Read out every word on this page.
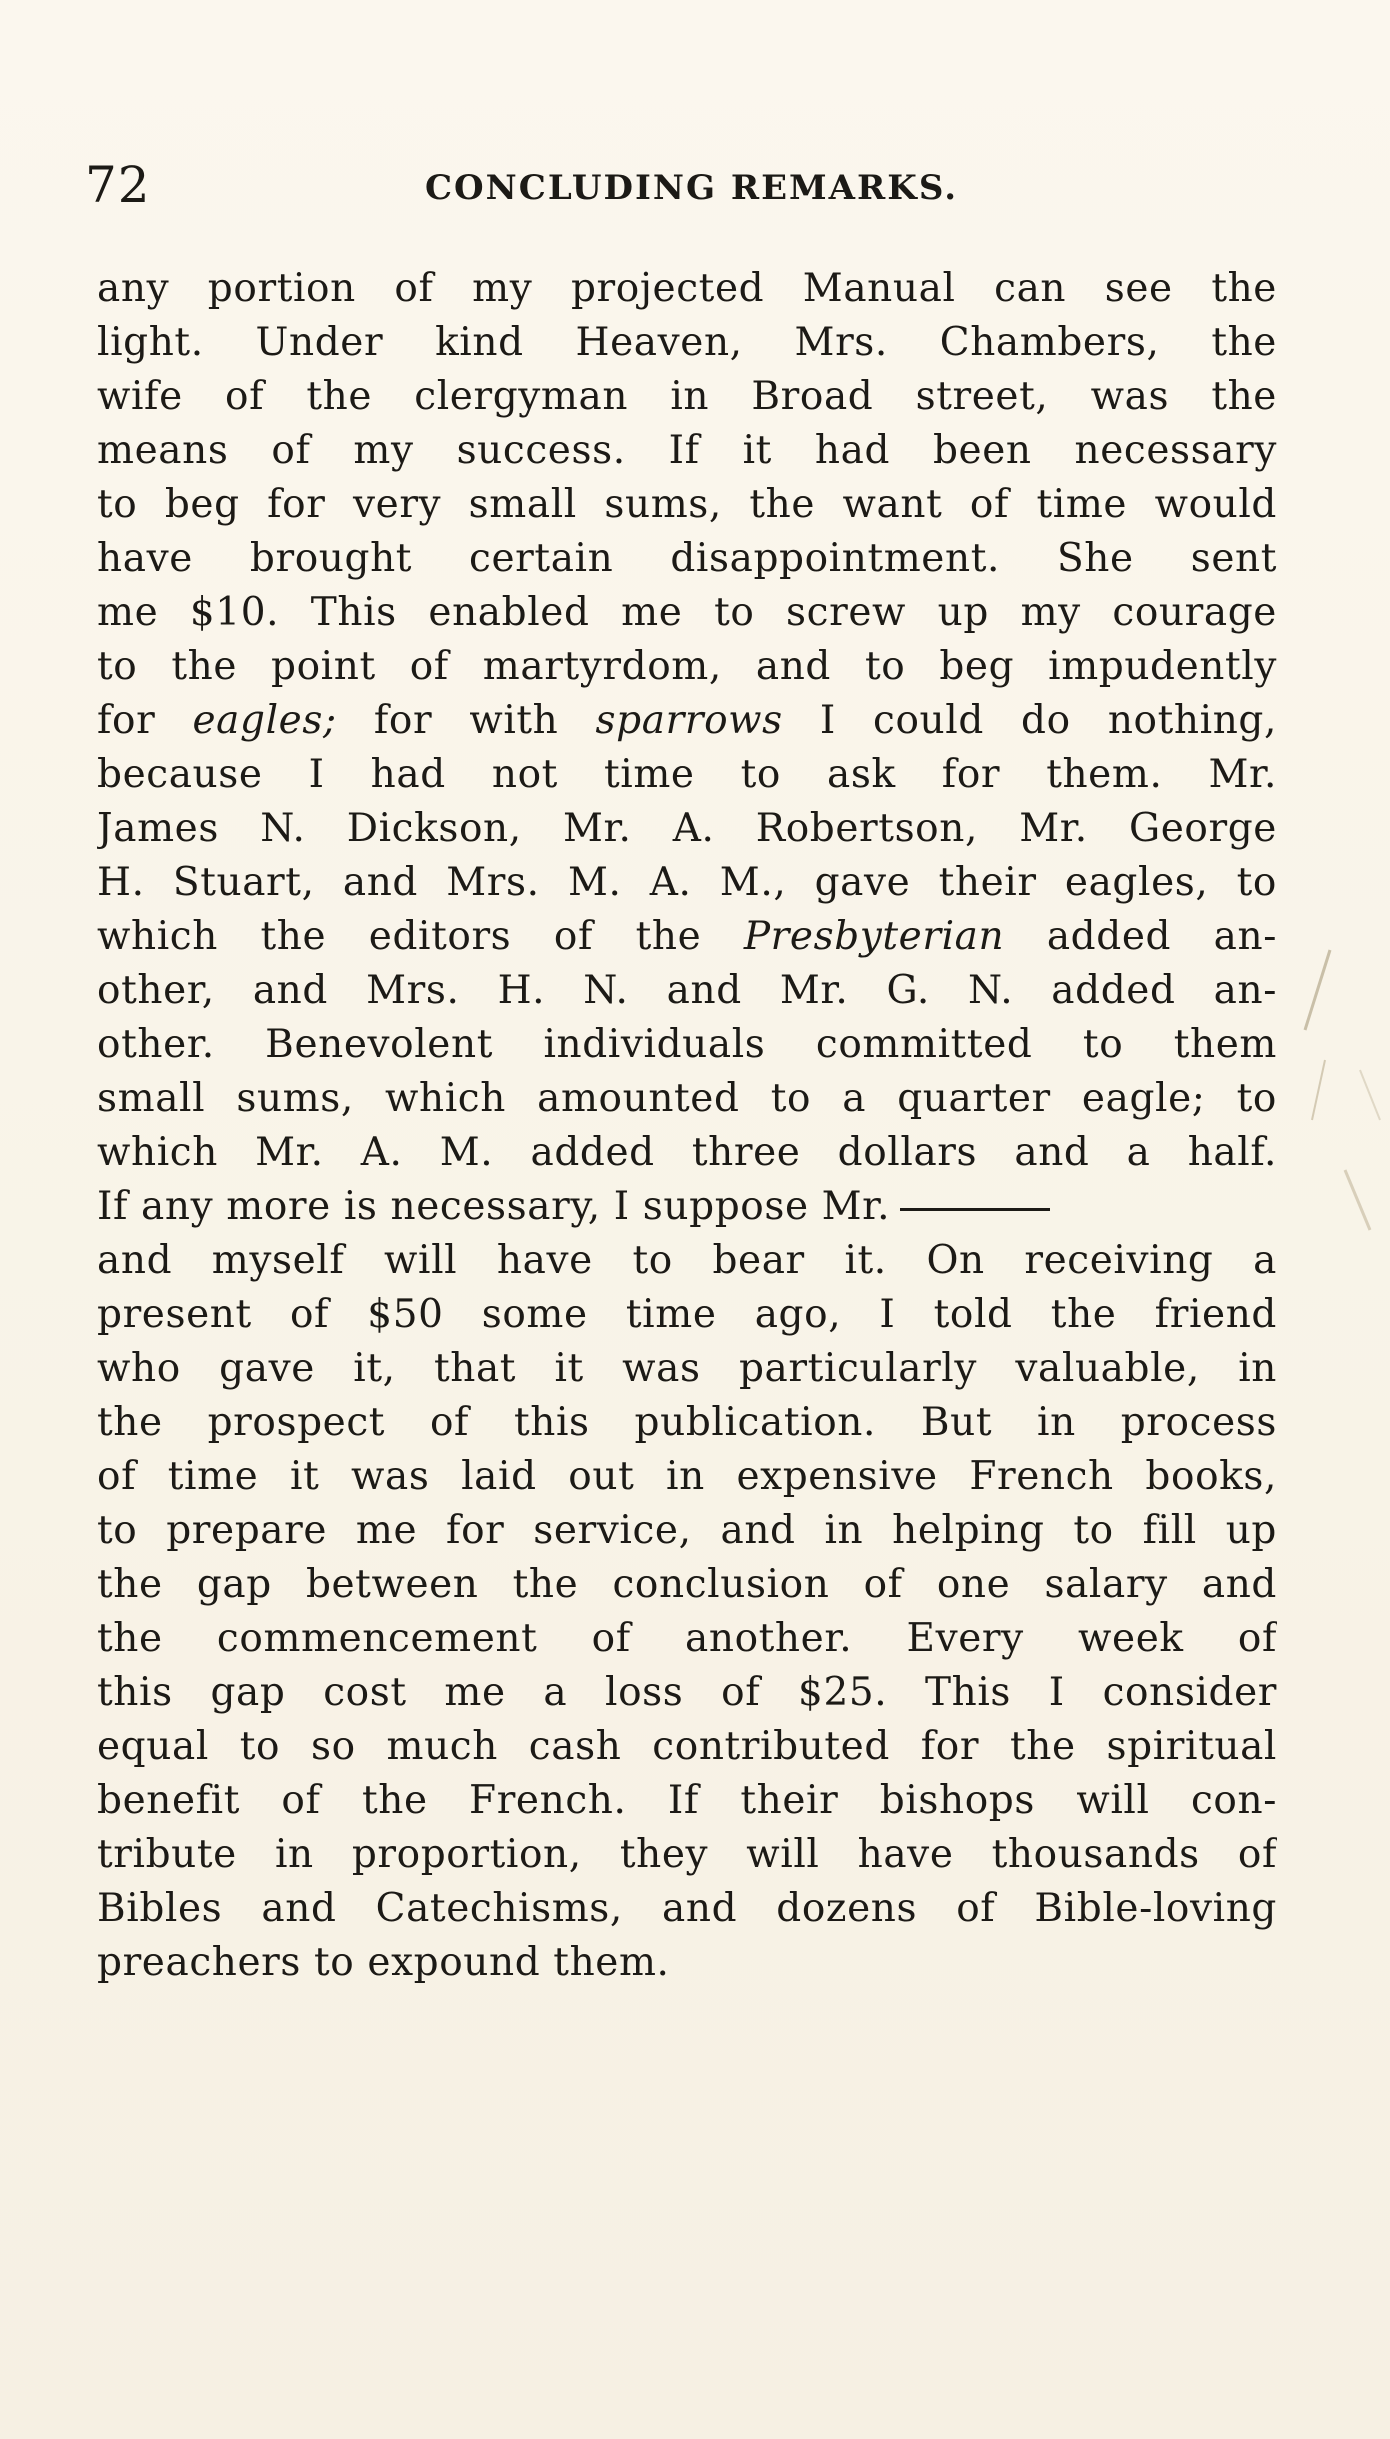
72	CONCLUDING REMARKS.
any portion of my projected Manual can see the
light. Under kind Heaven, Mrs. Chambers, the
wife of the clergyman in Broad street, was the
means of my success. If it had been necessary
to beg for very small sums, the want of time would
have brought certain disappointment. She sent
me $10. This enabled me to screw up my courage
to the point of martyrdom, and to beg impudently
for eagles; for with sparrows I could do nothing,
because I had not time to ask for them. Mr.
James N. Dickson, Mr. A. Robertson, Mr. George
H. Stuart, and Mrs. M. A. M., gave their eagles, to
which the editors of the Presbyterian added an-
other, and Mrs. H. N. and Mr. G. N. added an-
other. Benevolent individuals committed to them
small sums, which amounted to a quarter eagle; to
which Mr. A. M. added three dollars and a half.
If any more is necessary, I suppose Mr.
and myself will have to bear it. On receiving a
present of $50 some time ago, I told the friend
who gave it, that it was particularly valuable, in
the prospect of this publication. But in process
of time it was laid out in expensive French books,
to prepare me for service, and in helping to fill up
the gap between the conclusion of one salary and
the commencement of another. Every week of
this gap cost me a loss of $25. This I consider
equal to so much cash contributed for the spiritual
benefit of the French. If their bishops will con-
tribute in proportion, they will have thousands of
Bibles and Catechisms, and dozens of Bible-loving
preachers to expound them.
